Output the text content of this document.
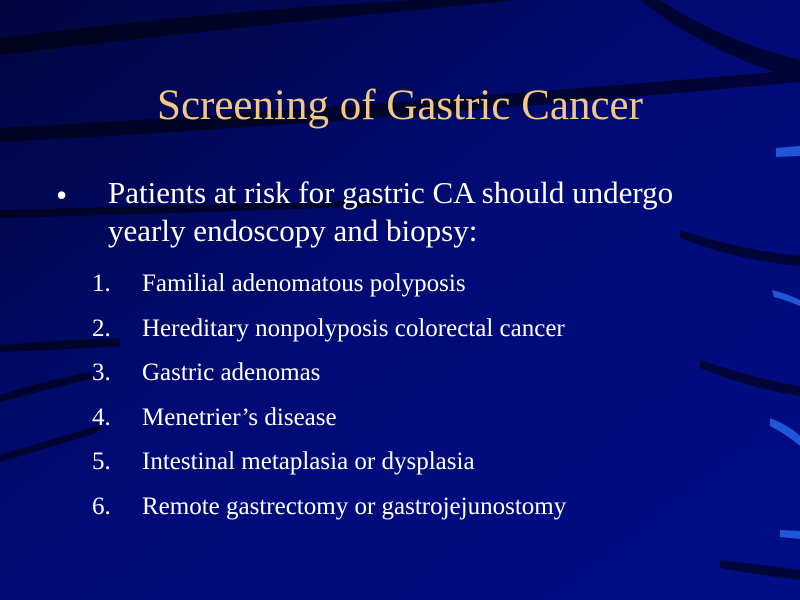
Screening of Gastric Cancer
• Patients at risk for gastric CA should undergo yearly endoscopy and biopsy:
1. Familial adenomatous polyposis
2. Hereditary nonpolyposis colorectal cancer
3. Gastric adenomas
4. Menetrier’s disease
5. Intestinal metaplasia or dysplasia
6. Remote gastrectomy or gastrojejunostomy
